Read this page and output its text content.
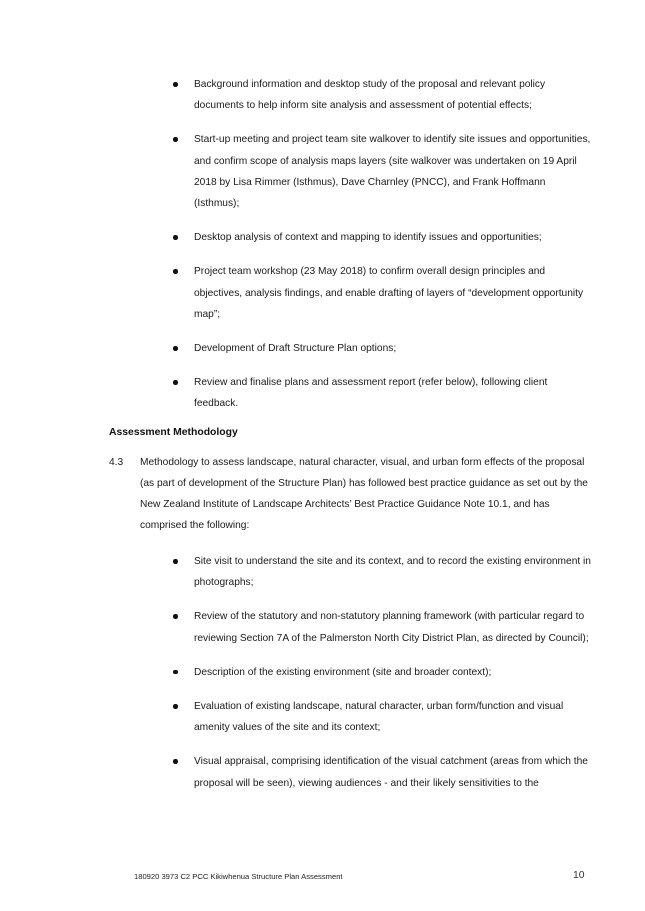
Background information and desktop study of the proposal and relevant policy documents to help inform site analysis and assessment of potential effects;
Start-up meeting and project team site walkover to identify site issues and opportunities, and confirm scope of analysis maps layers (site walkover was undertaken on 19 April 2018 by Lisa Rimmer (Isthmus), Dave Charnley (PNCC), and Frank Hoffmann (Isthmus);
Desktop analysis of context and mapping to identify issues and opportunities;
Project team workshop (23 May 2018) to confirm overall design principles and objectives, analysis findings, and enable drafting of layers of “development opportunity map”;
Development of Draft Structure Plan options;
Review and finalise plans and assessment report (refer below), following client feedback.
Assessment Methodology
4.3 Methodology to assess landscape, natural character, visual, and urban form effects of the proposal (as part of development of the Structure Plan) has followed best practice guidance as set out by the New Zealand Institute of Landscape Architects’ Best Practice Guidance Note 10.1, and has comprised the following:
Site visit to understand the site and its context, and to record the existing environment in photographs;
Review of the statutory and non-statutory planning framework (with particular regard to reviewing Section 7A of the Palmerston North City District Plan, as directed by Council);
Description of the existing environment (site and broader context);
Evaluation of existing landscape, natural character, urban form/function and visual amenity values of the site and its context;
Visual appraisal, comprising identification of the visual catchment (areas from which the proposal will be seen), viewing audiences - and their likely sensitivities to the
180920 3973 C2 PCC Kikiwhenua Structure Plan Assessment	10
